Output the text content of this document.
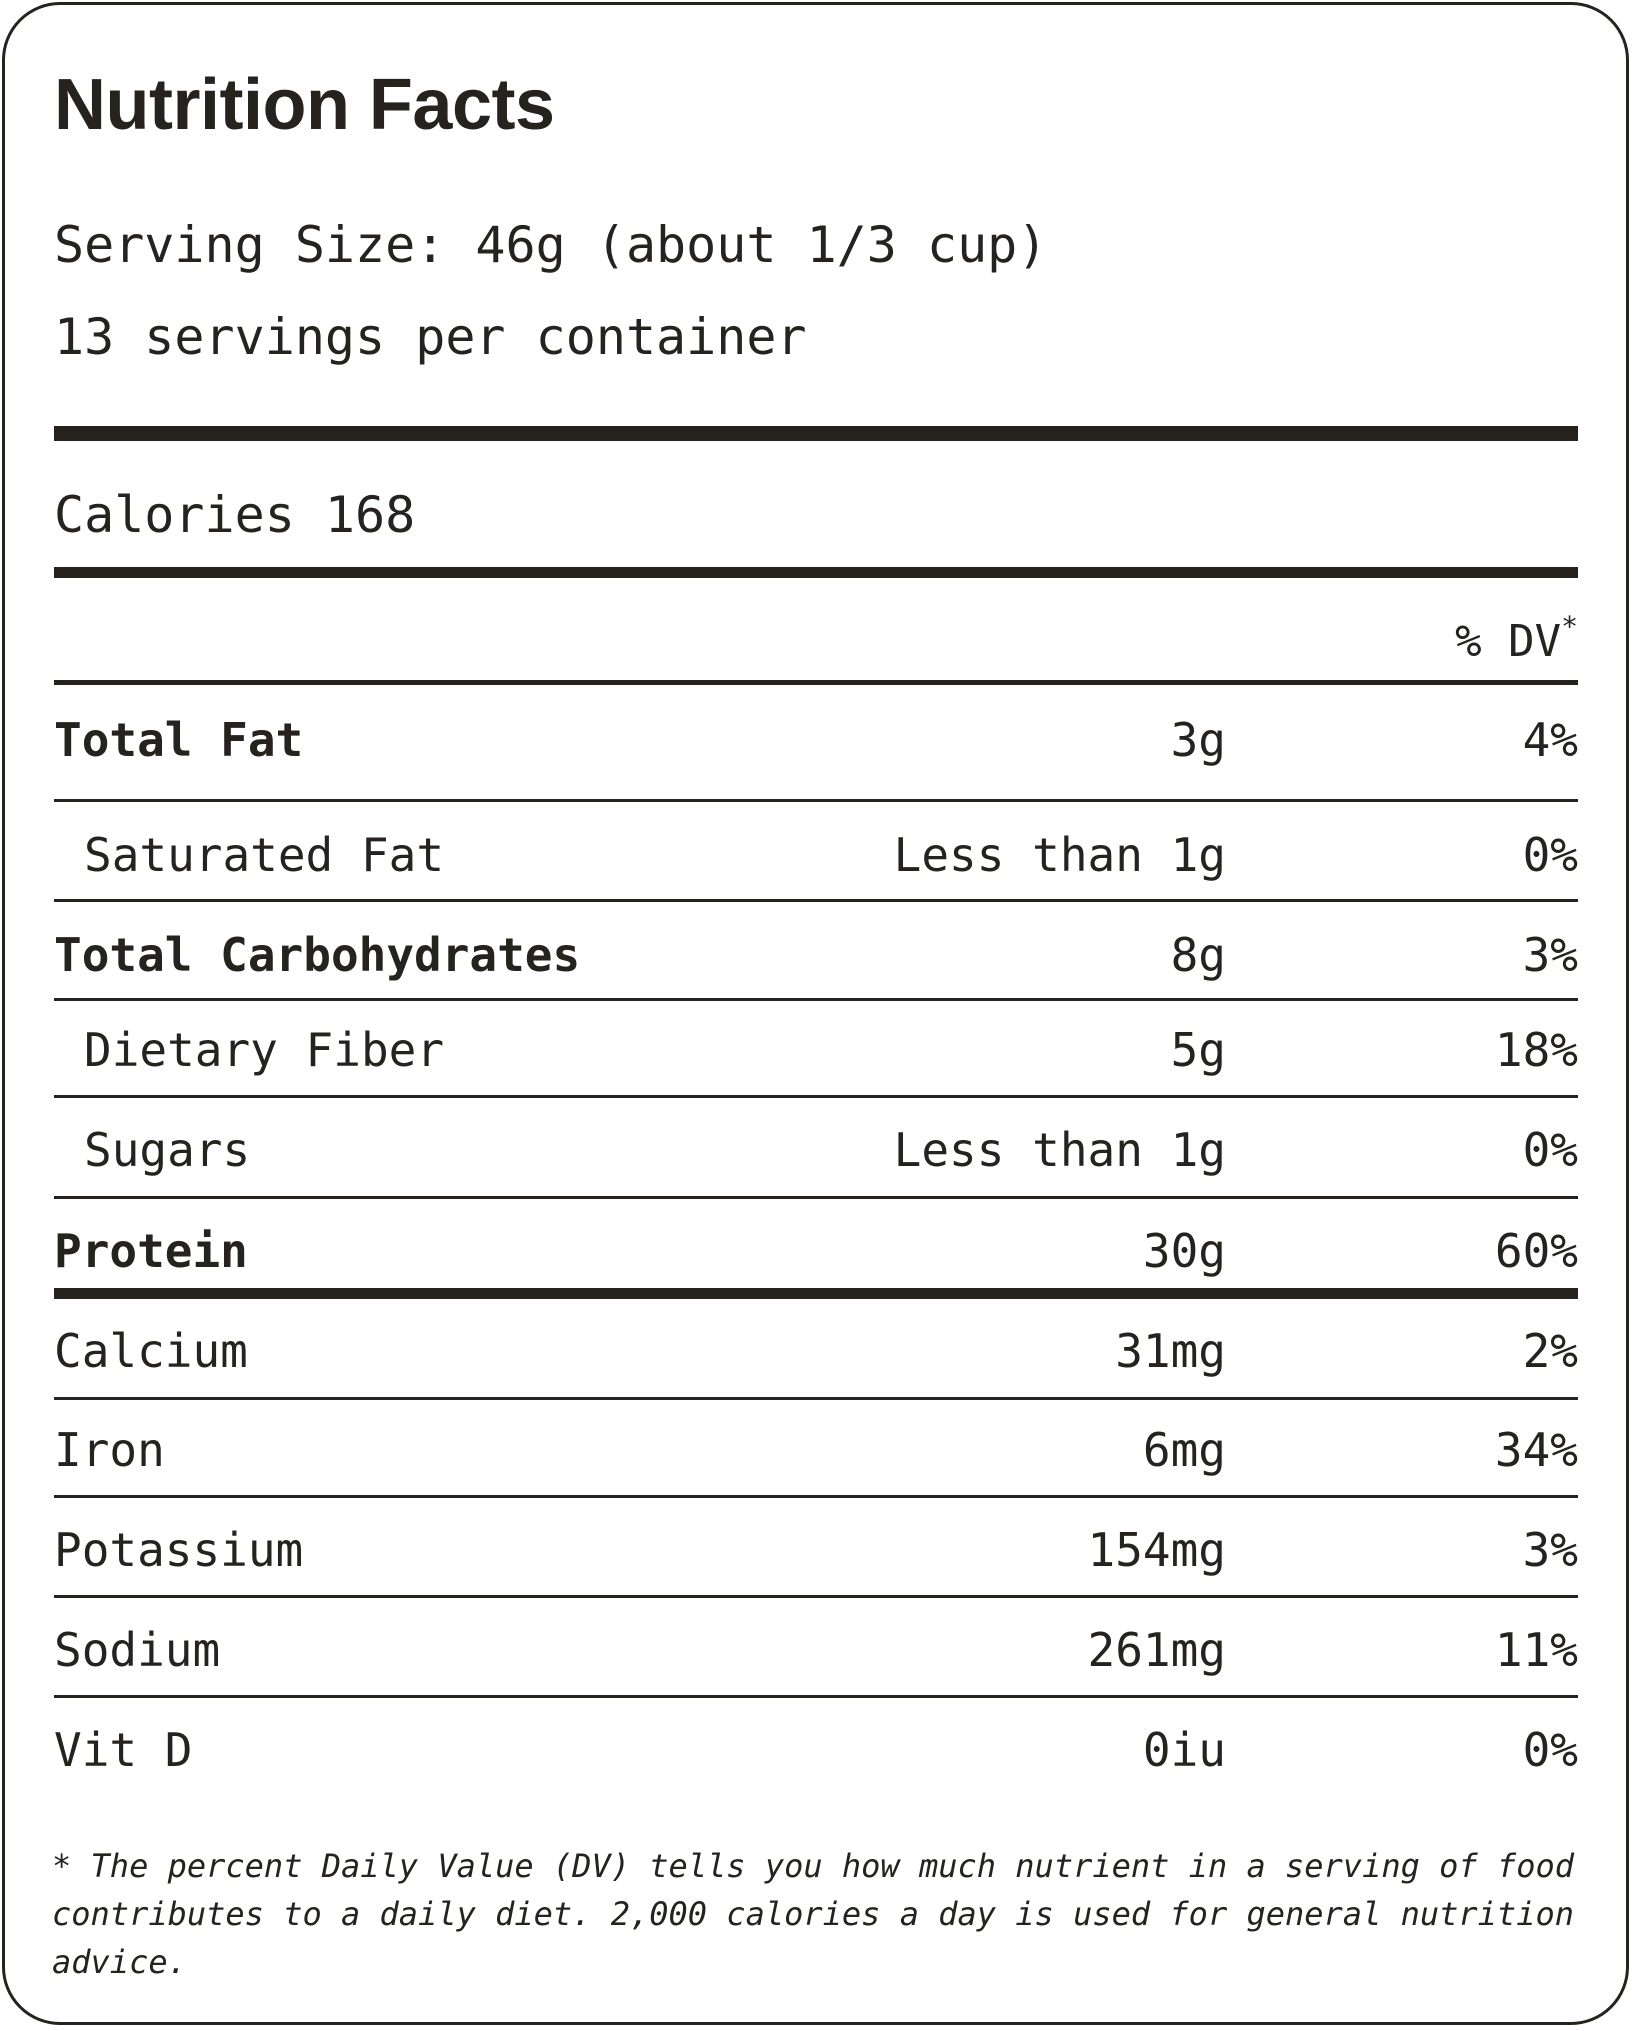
Nutrition Facts
Serving Size: 46g (about 1/3 cup)
13 servings per container
Calories 168
% DV*
Total Fat	3g	4%
Saturated Fat	Less than 1g	0%
Total Carbohydrates	8g	3%
Dietary Fiber	5g	18%
Sugars	Less than 1g	0%
Protein	30g	60%
Calcium	31mg	2%
Iron	6mg	34%
Potassium	154mg	3%
Sodium	261mg	11%
Vit D	0iu	0%

* The percent Daily Value (DV) tells you how much nutrient in a serving of food contributes to a daily diet. 2,000 calories a day is used for general nutrition advice.
